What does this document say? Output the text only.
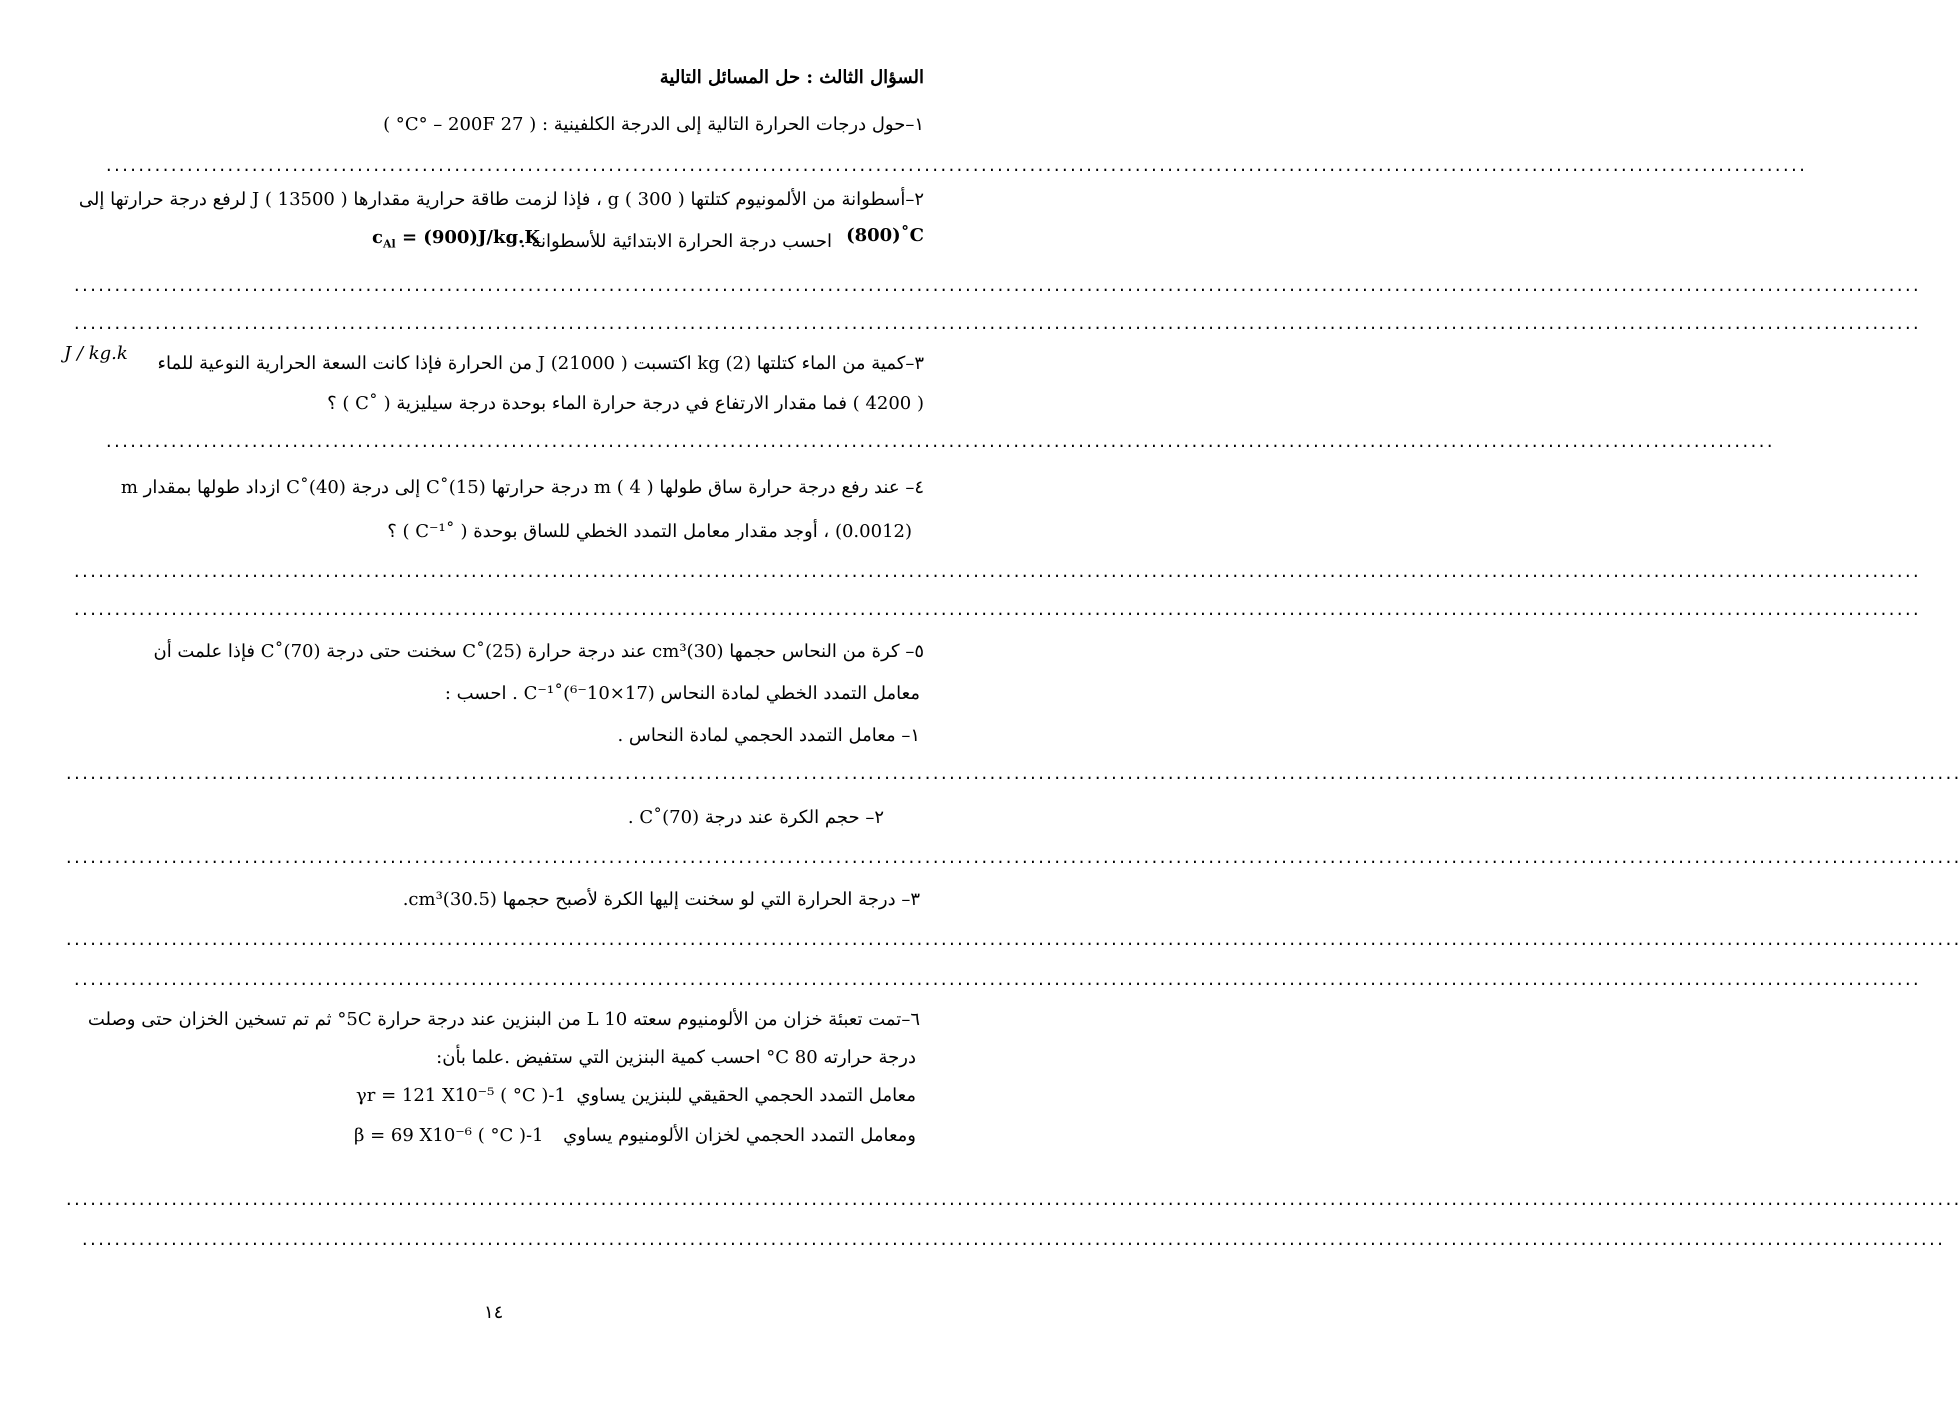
السؤال الثالث : حل المسائل التالية
١–حول درجات الحرارة التالية إلى الدرجة الكلفينية : ( 27 C° – 200F° )
..................................................................................................................................................................................................................
٢–أسطوانة من الألمونيوم كتلتها g ( 300 ) ، فإذا لزمت طاقة حرارية مقدارها J ( 13500 ) لرفع درجة حرارتها إلى
(800)˚C
احسب درجة الحرارة الابتدائية للأسطوانة .
$c_{Al} = (900)J/kg.K$
....................................................................................................................................................................................................................................
....................................................................................................................................................................................................................................
٣–كمية من الماء كتلتها kg (2) اكتسبت J (21000 ) من الحرارة فإذا كانت السعة الحرارية النوعية للماء
J / kg.k
( 4200 ) فما مقدار الارتفاع في درجة حرارة الماء بوحدة درجة سيليزية ( ˚C ) ؟
..............................................................................................................................................................................................................
٤– عند رفع درجة حرارة ساق طولها m ( 4 ) درجة حرارتها (15)˚C إلى درجة (40)˚C ازداد طولها بمقدار m
(0.0012) ، أوجد مقدار معامل التمدد الخطي للساق بوحدة ( ˚C⁻¹ ) ؟
....................................................................................................................................................................................................................................
....................................................................................................................................................................................................................................
٥– كرة من النحاس حجمها (30)cm³ عند درجة حرارة (25)˚C سخنت حتى درجة (70)˚C فإذا علمت أن
معامل التمدد الخطي لمادة النحاس (17×10⁻⁶)˚C⁻¹ . احسب :
١– معامل التمدد الحجمي لمادة النحاس .
..........................................................................................................................................................................................................................................
٢– حجم الكرة عند درجة (70)˚C .
..........................................................................................................................................................................................................................................
٣– درجة الحرارة التي لو سخنت إليها الكرة لأصبح حجمها (30.5)cm³.
..........................................................................................................................................................................................................................................
....................................................................................................................................................................................................................................
٦–تمت تعبئة خزان من الألومنيوم سعته 10 L من البنزين عند درجة حرارة 5C° ثم تم تسخين الخزان حتى وصلت
درجة حرارته 80 C° احسب كمية البنزين التي ستفيض .علما بأن:
معامل التمدد الحجمي الحقيقي للبنزين يساوي
γr = 121 X10⁻⁵ ( °C )-1
ومعامل التمدد الحجمي لخزان الألومنيوم يساوي
β = 69 X10⁻⁶ ( °C )-1
..........................................................................................................................................................................................................................................
......................................................................................................................................................................................................................................
١٤
